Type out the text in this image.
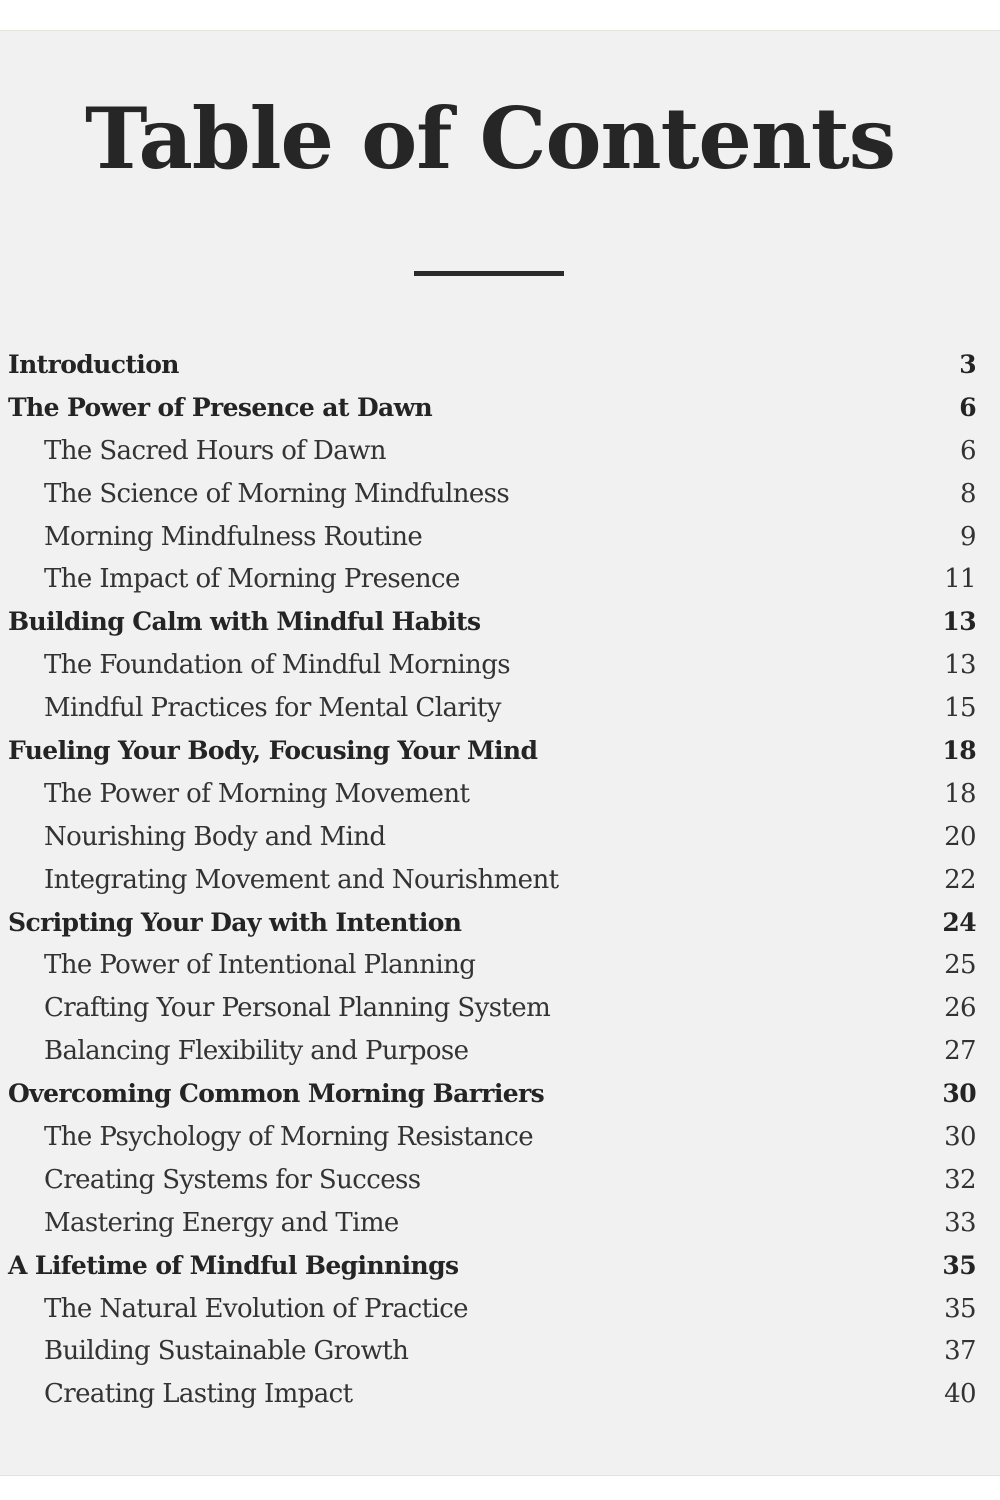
Table of Contents
Introduction	3
The Power of Presence at Dawn	6
The Sacred Hours of Dawn	6
The Science of Morning Mindfulness	8
Morning Mindfulness Routine	9
The Impact of Morning Presence	11
Building Calm with Mindful Habits	13
The Foundation of Mindful Mornings	13
Mindful Practices for Mental Clarity	15
Fueling Your Body, Focusing Your Mind	18
The Power of Morning Movement	18
Nourishing Body and Mind	20
Integrating Movement and Nourishment	22
Scripting Your Day with Intention	24
The Power of Intentional Planning	25
Crafting Your Personal Planning System	26
Balancing Flexibility and Purpose	27
Overcoming Common Morning Barriers	30
The Psychology of Morning Resistance	30
Creating Systems for Success	32
Mastering Energy and Time	33
A Lifetime of Mindful Beginnings	35
The Natural Evolution of Practice	35
Building Sustainable Growth	37
Creating Lasting Impact	40
